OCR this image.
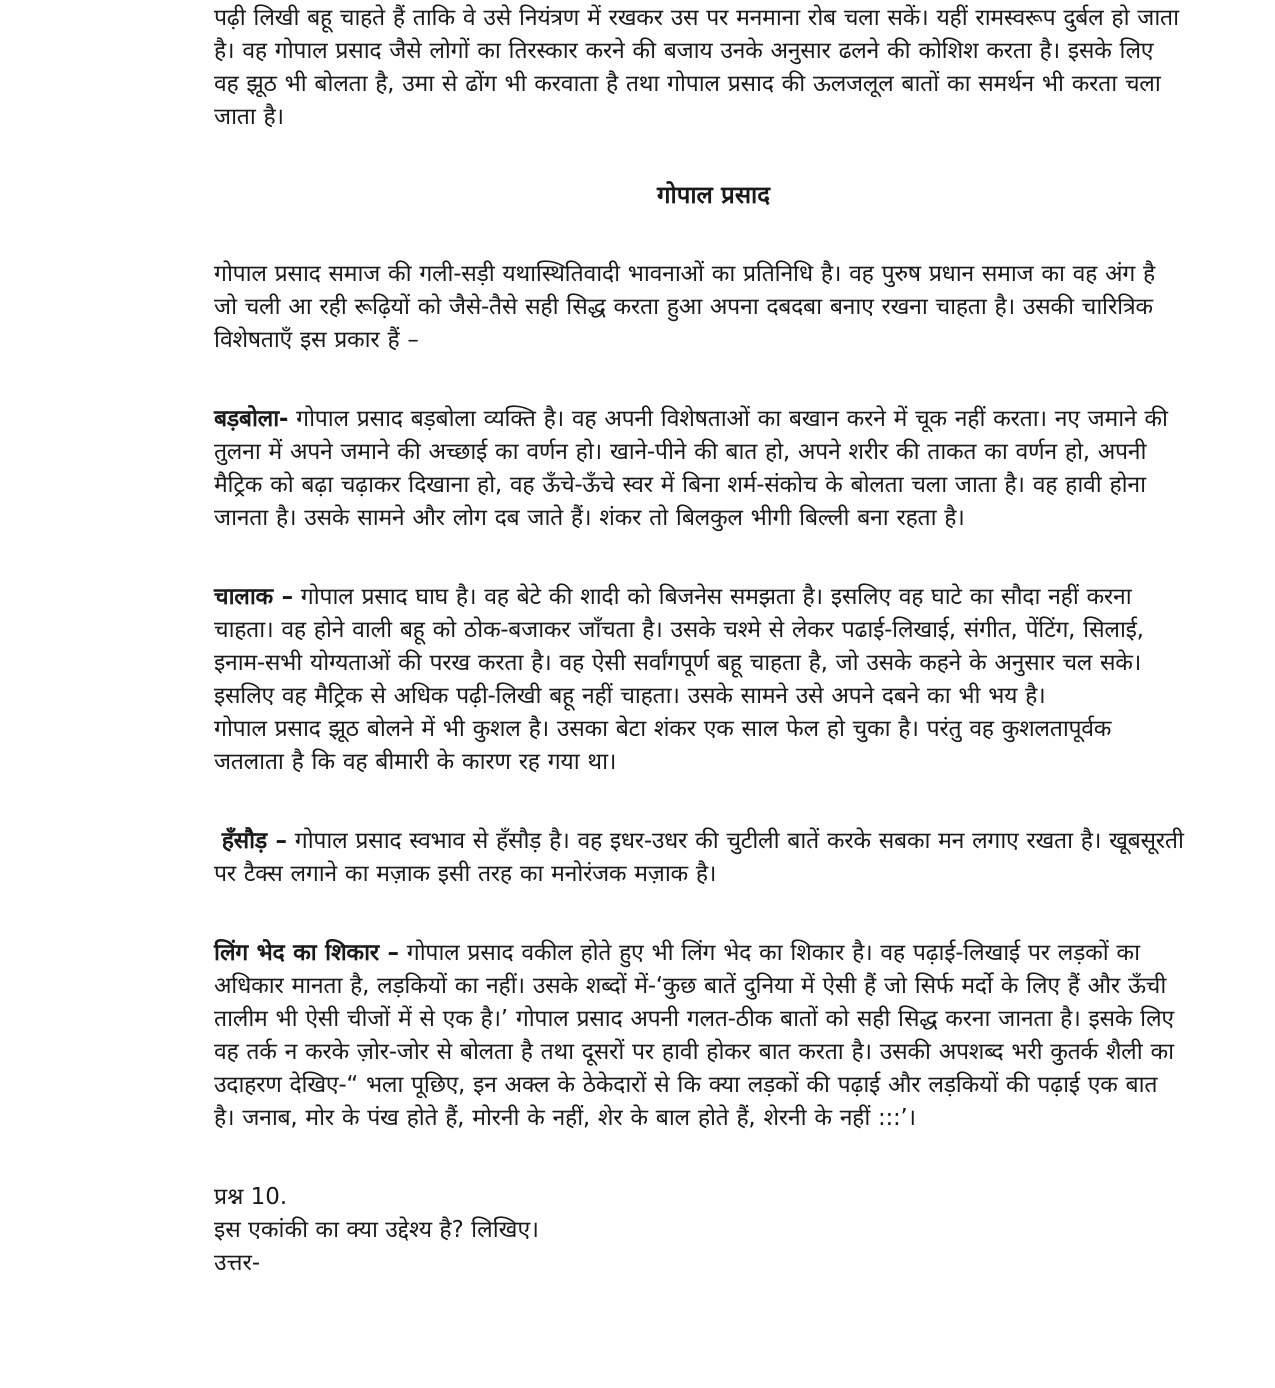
पढ़ी लिखी बहू चाहते हैं ताकि वे उसे नियंत्रण में रखकर उस पर मनमाना रोब चला सकें। यहीं रामस्वरूप दुर्बल हो जाता है। वह गोपाल प्रसाद जैसे लोगों का तिरस्कार करने की बजाय उनके अनुसार ढलने की कोशिश करता है। इसके लिए वह झूठ भी बोलता है, उमा से ढोंग भी करवाता है तथा गोपाल प्रसाद की ऊलजलूल बातों का समर्थन भी करता चला जाता है।

गोपाल प्रसाद

गोपाल प्रसाद समाज की गली-सड़ी यथास्थितिवादी भावनाओं का प्रतिनिधि है। वह पुरुष प्रधान समाज का वह अंग है जो चली आ रही रूढ़ियों को जैसे-तैसे सही सिद्ध करता हुआ अपना दबदबा बनाए रखना चाहता है। उसकी चारित्रिक विशेषताएँ इस प्रकार हैं –

बड़बोला- गोपाल प्रसाद बड़बोला व्यक्ति है। वह अपनी विशेषताओं का बखान करने में चूक नहीं करता। नए जमाने की तुलना में अपने जमाने की अच्छाई का वर्णन हो। खाने-पीने की बात हो, अपने शरीर की ताकत का वर्णन हो, अपनी मैट्रिक को बढ़ा चढ़ाकर दिखाना हो, वह ऊँचे-ऊँचे स्वर में बिना शर्म-संकोच के बोलता चला जाता है। वह हावी होना जानता है। उसके सामने और लोग दब जाते हैं। शंकर तो बिलकुल भीगी बिल्ली बना रहता है।

चालाक – गोपाल प्रसाद घाघ है। वह बेटे की शादी को बिजनेस समझता है। इसलिए वह घाटे का सौदा नहीं करना चाहता। वह होने वाली बहू को ठोक-बजाकर जाँचता है। उसके चश्मे से लेकर पढाई-लिखाई, संगीत, पेंटिंग, सिलाई, इनाम-सभी योग्यताओं की परख करता है। वह ऐसी सर्वांगपूर्ण बहू चाहता है, जो उसके कहने के अनुसार चल सके। इसलिए वह मैट्रिक से अधिक पढ़ी-लिखी बहू नहीं चाहता। उसके सामने उसे अपने दबने का भी भय है।

गोपाल प्रसाद झूठ बोलने में भी कुशल है। उसका बेटा शंकर एक साल फेल हो चुका है। परंतु वह कुशलतापूर्वक जतलाता है कि वह बीमारी के कारण रह गया था।

हँसौड़ – गोपाल प्रसाद स्वभाव से हँसौड़ है। वह इधर-उधर की चुटीली बातें करके सबका मन लगाए रखता है। खूबसूरती पर टैक्स लगाने का मज़ाक इसी तरह का मनोरंजक मज़ाक है।

लिंग भेद का शिकार – गोपाल प्रसाद वकील होते हुए भी लिंग भेद का शिकार है। वह पढ़ाई-लिखाई पर लड़कों का अधिकार मानता है, लड़कियों का नहीं। उसके शब्दों में-‘कुछ बातें दुनिया में ऐसी हैं जो सिर्फ मर्दो के लिए हैं और ऊँची तालीम भी ऐसी चीजों में से एक है।’ गोपाल प्रसाद अपनी गलत-ठीक बातों को सही सिद्ध करना जानता है। इसके लिए वह तर्क न करके ज़ोर-जोर से बोलता है तथा दूसरों पर हावी होकर बात करता है। उसकी अपशब्द भरी कुतर्क शैली का उदाहरण देखिए-“ भला पूछिए, इन अक्ल के ठेकेदारों से कि क्या लड़कों की पढ़ाई और लड़कियों की पढ़ाई एक बात है। जनाब, मोर के पंख होते हैं, मोरनी के नहीं, शेर के बाल होते हैं, शेरनी के नहीं :::’।

प्रश्न 10.
इस एकांकी का क्या उद्देश्य है? लिखिए।
उत्तर-
